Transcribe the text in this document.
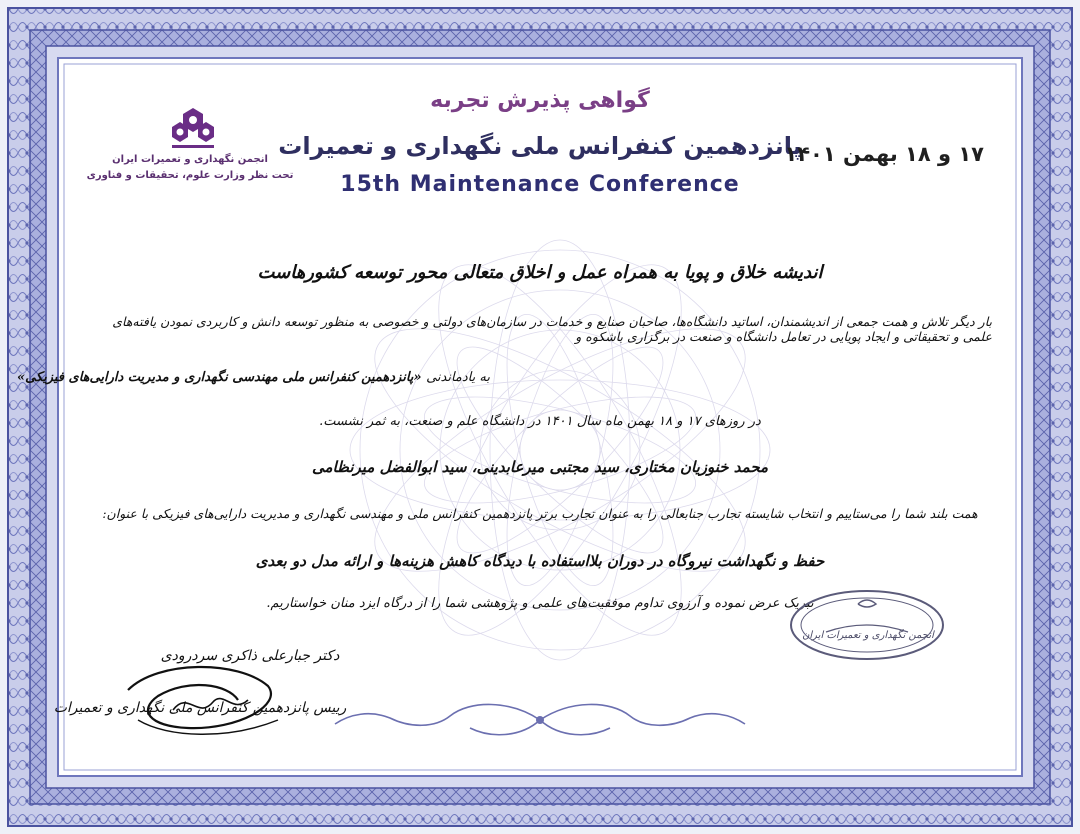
انجمن نگهداری و تعمیرات ایران
تحت نظر وزارت علوم، تحقیقات و فناوری
گواهی پذیرش تجربه
پانزدهمین کنفرانس ملی نگهداری و تعمیرات
15th Maintenance Conference
۱۷ و ۱۸ بهمن ۱۴۰۱
اندیشه خلاق و پویا به همراه عمل و اخلاق متعالی محور توسعه کشورهاست
بار دیگر تلاش و همت جمعی از اندیشمندان، اساتید دانشگاه‌ها، صاحبان صنایع و خدمات در سازمان‌های دولتی و خصوصی به منظور توسعه دانش و کاربردی نمودن یافته‌های علمی و تحقیقاتی و ایجاد پویایی در تعامل دانشگاه و صنعت در برگزاری باشکوه و
به یادماندنی «پانزدهمین کنفرانس ملی مهندسی نگهداری و مدیریت دارایی‌های فیزیکی»
در روزهای ۱۷ و ۱۸ بهمن ماه سال ۱۴۰۱ در دانشگاه علم و صنعت، به ثمر نشست.
محمد خنوزیان مختاری، سید مجتبی میرعابدینی، سید ابوالفضل میرنظامی
همت بلند شما را می‌ستاییم و انتخاب شایسته تجارب جنابعالی را به عنوان تجارب برتر پانزدهمین کنفرانس ملی و مهندسی نگهداری و مدیریت دارایی‌های فیزیکی با عنوان:
حفظ و نگهداشت نیروگاه در دوران بلااستفاده با دیدگاه کاهش هزینه‌ها و ارائه مدل دو بعدی
تبریک عرض نموده و آرزوی تداوم موفقیت‌های علمی و پژوهشی شما را از درگاه ایزد منان خواستاریم.
انجمن نگهداری و تعمیرات ایران
دکتر جبارعلی ذاکری سردرودی
رییس پانزدهمین کنفرانس ملی نگهداری و تعمیرات
